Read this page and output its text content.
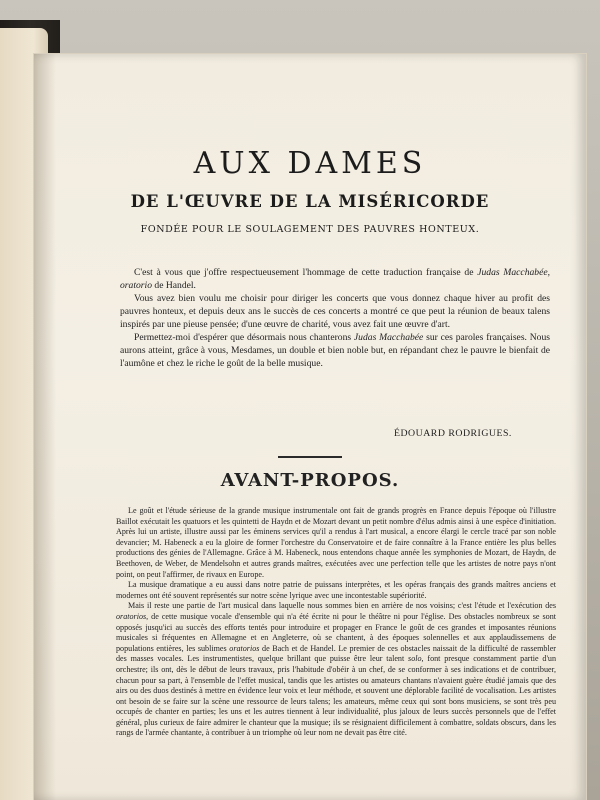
AUX DAMES
DE L'ŒUVRE DE LA MISÉRICORDE
FONDÉE POUR LE SOULAGEMENT DES PAUVRES HONTEUX.

C'est à vous que j'offre respectueusement l'hommage de cette traduction française de Judas Macchabée, oratorio de Handel.

Vous avez bien voulu me choisir pour diriger les concerts que vous donnez chaque hiver au profit des pauvres honteux, et depuis deux ans le succès de ces concerts a montré ce que peut la réunion de beaux talens inspirés par une pieuse pensée; d'une œuvre de charité, vous avez fait une œuvre d'art.

Permettez-moi d'espérer que désormais nous chanterons Judas Macchabée sur ces paroles françaises. Nous aurons atteint, grâce à vous, Mesdames, un double et bien noble but, en répandant chez le pauvre le bienfait de l'aumône et chez le riche le goût de la belle musique.

ÉDOUARD RODRIGUES.
AVANT-PROPOS.

Le goût et l'étude sérieuse de la grande musique instrumentale ont fait de grands progrès en France depuis l'époque où l'illustre Baillot exécutait les quatuors et les quintetti de Haydn et de Mozart devant un petit nombre d'élus admis ainsi à une espèce d'initiation. Après lui un artiste, illustre aussi par les éminens services qu'il a rendus à l'art musical, a encore élargi le cercle tracé par son noble devancier; M. Habeneck a eu la gloire de former l'orchestre du Conservatoire et de faire connaître à la France entière les plus belles productions des génies de l'Allemagne. Grâce à M. Habeneck, nous entendons chaque année les symphonies de Mozart, de Haydn, de Beethoven, de Weber, de Mendelsohn et autres grands maîtres, exécutées avec une perfection telle que les artistes de notre pays n'ont point, on peut l'affirmer, de rivaux en Europe.

La musique dramatique a eu aussi dans notre patrie de puissans interprètes, et les opéras français des grands maîtres anciens et modernes ont été souvent représentés sur notre scène lyrique avec une incontestable supériorité.

Mais il reste une partie de l'art musical dans laquelle nous sommes bien en arrière de nos voisins; c'est l'étude et l'exécution des oratorios, de cette musique vocale d'ensemble qui n'a été écrite ni pour le théâtre ni pour l'église. Des obstacles nombreux se sont opposés jusqu'ici au succès des efforts tentés pour introduire et propager en France le goût de ces grandes et imposantes réunions musicales si fréquentes en Allemagne et en Angleterre, où se chantent, à des époques solennelles et aux applaudissemens de populations entières, les sublimes oratorios de Bach et de Handel. Le premier de ces obstacles naissait de la difficulté de rassembler des masses vocales. Les instrumentistes, quelque brillant que puisse être leur talent solo, font presque constamment partie d'un orchestre; ils ont, dès le début de leurs travaux, pris l'habitude d'obéir à un chef, de se conformer à ses indications et de contribuer, chacun pour sa part, à l'ensemble de l'effet musical, tandis que les artistes ou amateurs chantans n'avaient guère étudié jamais que des airs ou des duos destinés à mettre en évidence leur voix et leur méthode, et souvent une déplorable facilité de vocalisation. Les artistes ont besoin de se faire sur la scène une ressource de leurs talens; les amateurs, même ceux qui sont bons musiciens, se sont très peu occupés de chanter en parties; les uns et les autres tiennent à leur individualité, plus jaloux de leurs succès personnels que de l'effet général, plus curieux de faire admirer le chanteur que la musique; ils se résignaient difficilement à combattre, soldats obscurs, dans les rangs de l'armée chantante, à contribuer à un triomphe où leur nom ne devait pas être cité.
